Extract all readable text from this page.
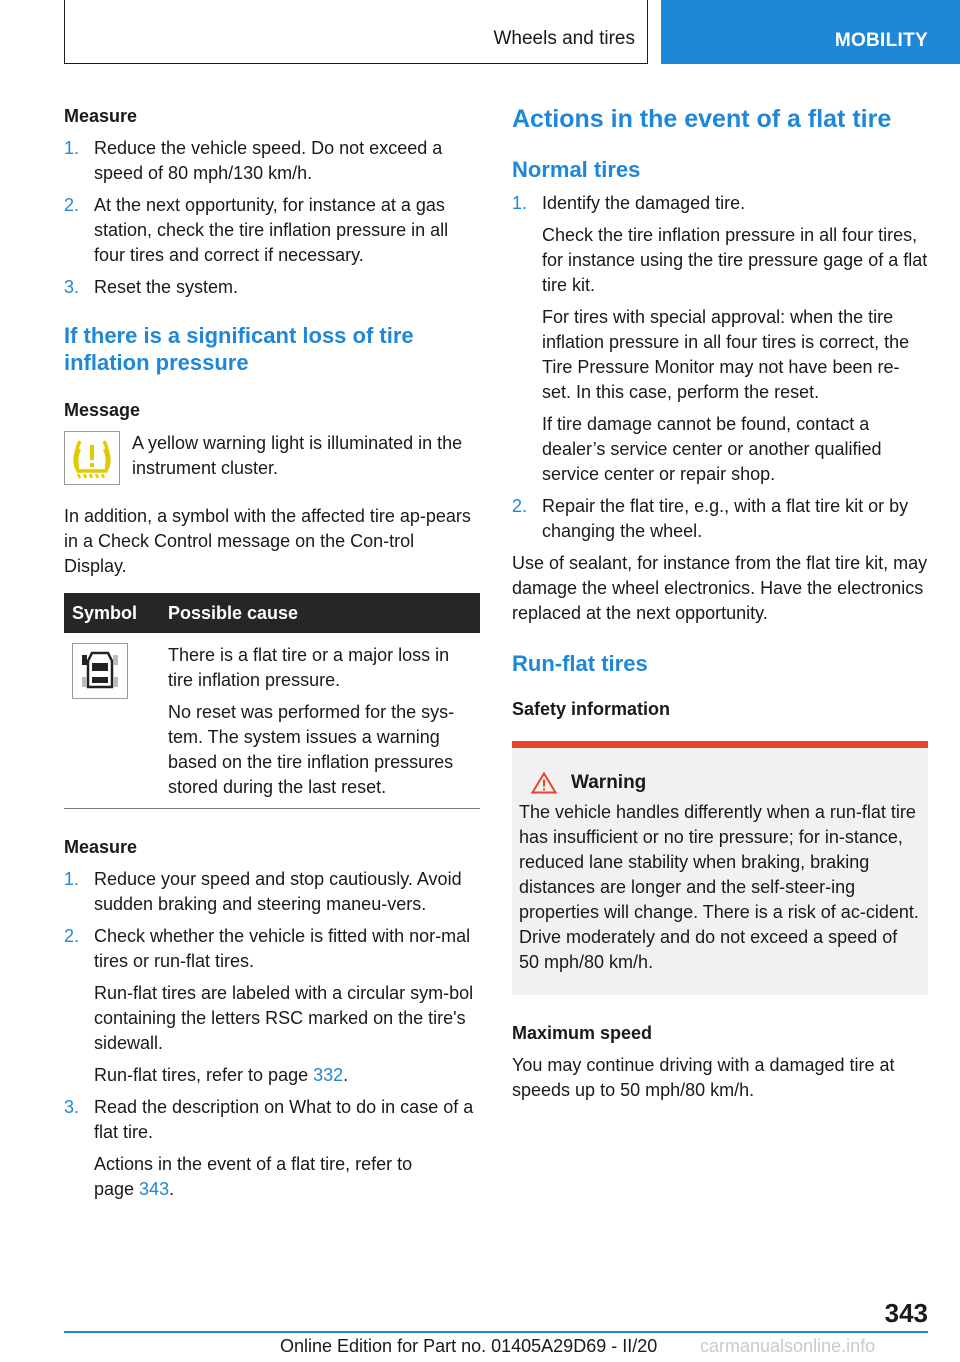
Wheels and tires	MOBILITY

Measure

1. Reduce the vehicle speed. Do not exceed a speed of 80 mph/130 km/h.
2. At the next opportunity, for instance at a gas station, check the tire inflation pressure in all four tires and correct if necessary.
3. Reset the system.

If there is a significant loss of tire inflation pressure

Message

A yellow warning light is illuminated in the instrument cluster.

In addition, a symbol with the affected tire ap-pears in a Check Control message on the Con-trol Display.

Symbol	Possible cause

There is a flat tire or a major loss in tire inflation pressure.

No reset was performed for the sys-tem. The system issues a warning based on the tire inflation pressures stored during the last reset.

Measure

1. Reduce your speed and stop cautiously. Avoid sudden braking and steering maneu-vers.
2. Check whether the vehicle is fitted with nor-mal tires or run-flat tires.
Run-flat tires are labeled with a circular sym-bol containing the letters RSC marked on the tire's sidewall.
Run-flat tires, refer to page 332.
3. Read the description on What to do in case of a flat tire.
Actions in the event of a flat tire, refer to page 343.

Actions in the event of a flat tire

Normal tires

1. Identify the damaged tire.
Check the tire inflation pressure in all four tires, for instance using the tire pressure gage of a flat tire kit.
For tires with special approval: when the tire inflation pressure in all four tires is correct, the Tire Pressure Monitor may not have been re-set. In this case, perform the reset.
If tire damage cannot be found, contact a dealer’s service center or another qualified service center or repair shop.
2. Repair the flat tire, e.g., with a flat tire kit or by changing the wheel.

Use of sealant, for instance from the flat tire kit, may damage the wheel electronics. Have the electronics replaced at the next opportunity.

Run-flat tires

Safety information

Warning

The vehicle handles differently when a run-flat tire has insufficient or no tire pressure; for in-stance, reduced lane stability when braking, braking distances are longer and the self-steer-ing properties will change. There is a risk of ac-cident. Drive moderately and do not exceed a speed of 50 mph/80 km/h.

Maximum speed

You may continue driving with a damaged tire at speeds up to 50 mph/80 km/h.

343
Online Edition for Part no. 01405A29D69 - II/20 carmanualsonline.info
